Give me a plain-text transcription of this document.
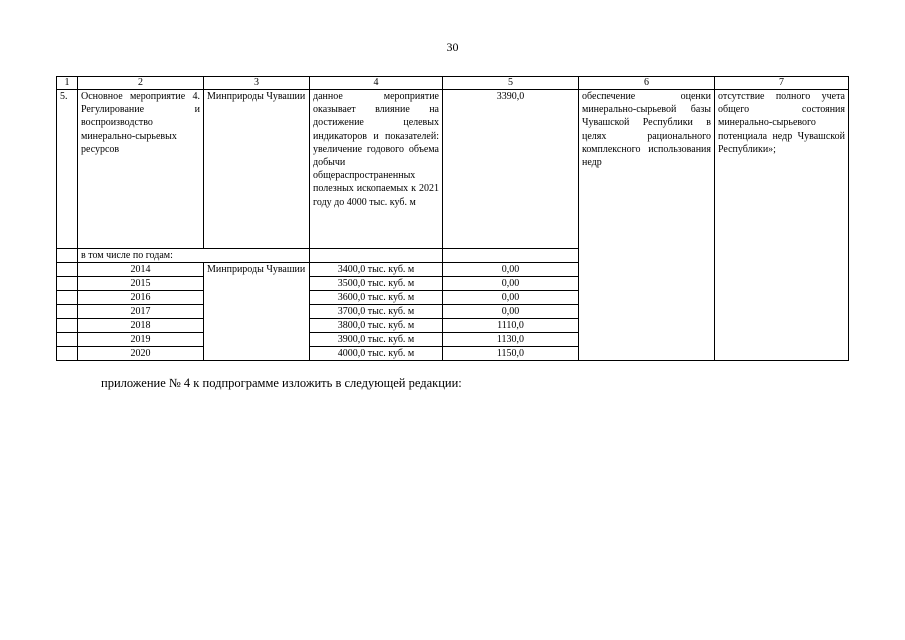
30
1	2	3	4	5	6	7
5.	Основное мероприятие 4. Регулирование и воспроизводство минерально-сырьевых ресурсов	Минприроды Чувашии	данное мероприятие оказывает влияние на достижение целевых индикаторов и показателей: увеличение годового объема добычи общераспространенных полезных ископаемых к 2021 году до 4000 тыс. куб. м	3390,0	обеспечение оценки минерально-сырьевой базы Чувашской Республики в целях рационального комплексного использования недр	отсутствие полного учета общего состояния минерально-сырьевого потенциала недр Чувашской Республики»;
	в том числе по годам:					
	2014	Минприроды Чувашии	3400,0 тыс. куб. м	0,00		
	2015		3500,0 тыс. куб. м	0,00		
	2016		3600,0 тыс. куб. м	0,00		
	2017		3700,0 тыс. куб. м	0,00		
	2018		3800,0 тыс. куб. м	1110,0		
	2019		3900,0 тыс. куб. м	1130,0		
	2020		4000,0 тыс. куб. м	1150,0		
приложение № 4 к подпрограмме изложить в следующей редакции:
